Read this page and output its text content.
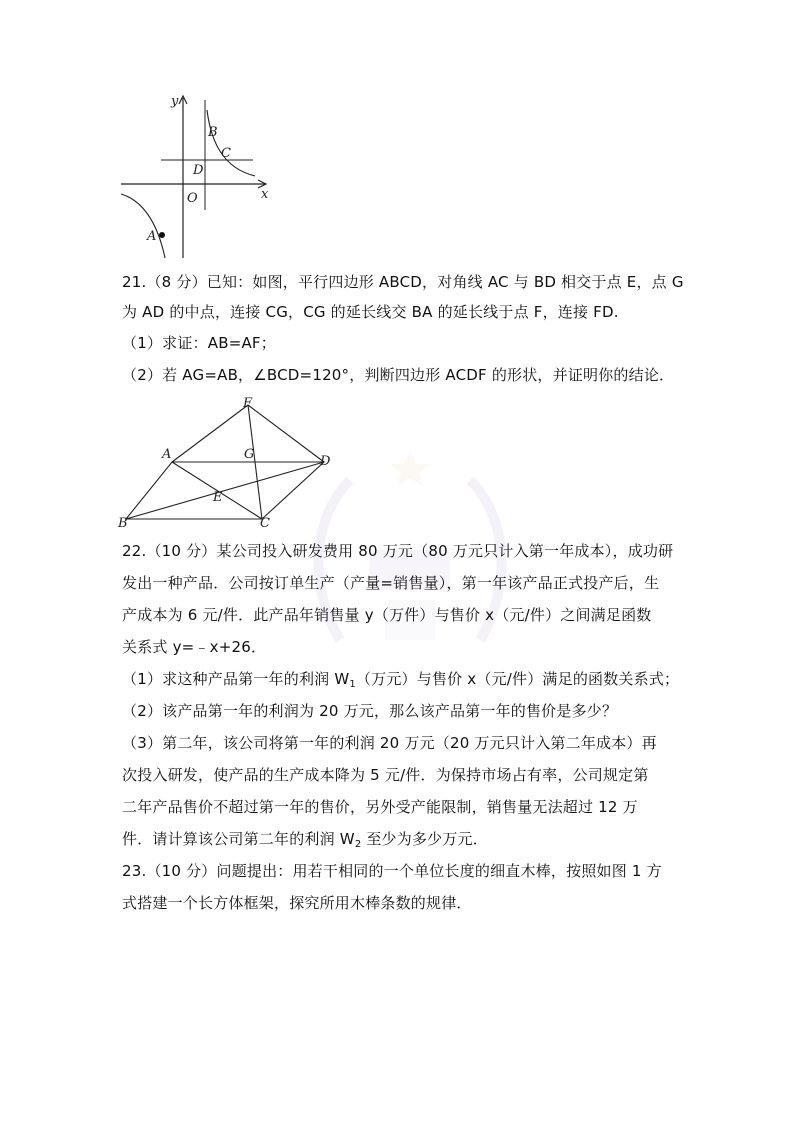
y
x
O
B
C
D
A
21.（8 分）已知：如图，平行四边形 ABCD，对角线 AC 与 BD 相交于点 E，点 G
为 AD 的中点，连接 CG，CG 的延长线交 BA 的延长线于点 F，连接 FD.
（1）求证：AB=AF；
（2）若 AG=AB，∠BCD=120°，判断四边形 ACDF 的形状，并证明你的结论．
F
A	G	D
E
B	C
22.（10 分）某公司投入研发费用 80 万元（80 万元只计入第一年成本），成功研
发出一种产品．公司按订单生产（产量=销售量），第一年该产品正式投产后，生
产成本为 6 元/件．此产品年销售量 y（万件）与售价 x（元/件）之间满足函数
关系式 y=﹣x+26．
（1）求这种产品第一年的利润 $W_1$（万元）与售价 x（元/件）满足的函数关系式；
（2）该产品第一年的利润为 20 万元，那么该产品第一年的售价是多少？
（3）第二年，该公司将第一年的利润 20 万元（20 万元只计入第二年成本）再
次投入研发，使产品的生产成本降为 5 元/件．为保持市场占有率，公司规定第
二年产品售价不超过第一年的售价，另外受产能限制，销售量无法超过 12 万
件．请计算该公司第二年的利润 $W_2$ 至少为多少万元．
23.（10 分）问题提出：用若干相同的一个单位长度的细直木棒，按照如图 1 方
式搭建一个长方体框架，探究所用木棒条数的规律．
